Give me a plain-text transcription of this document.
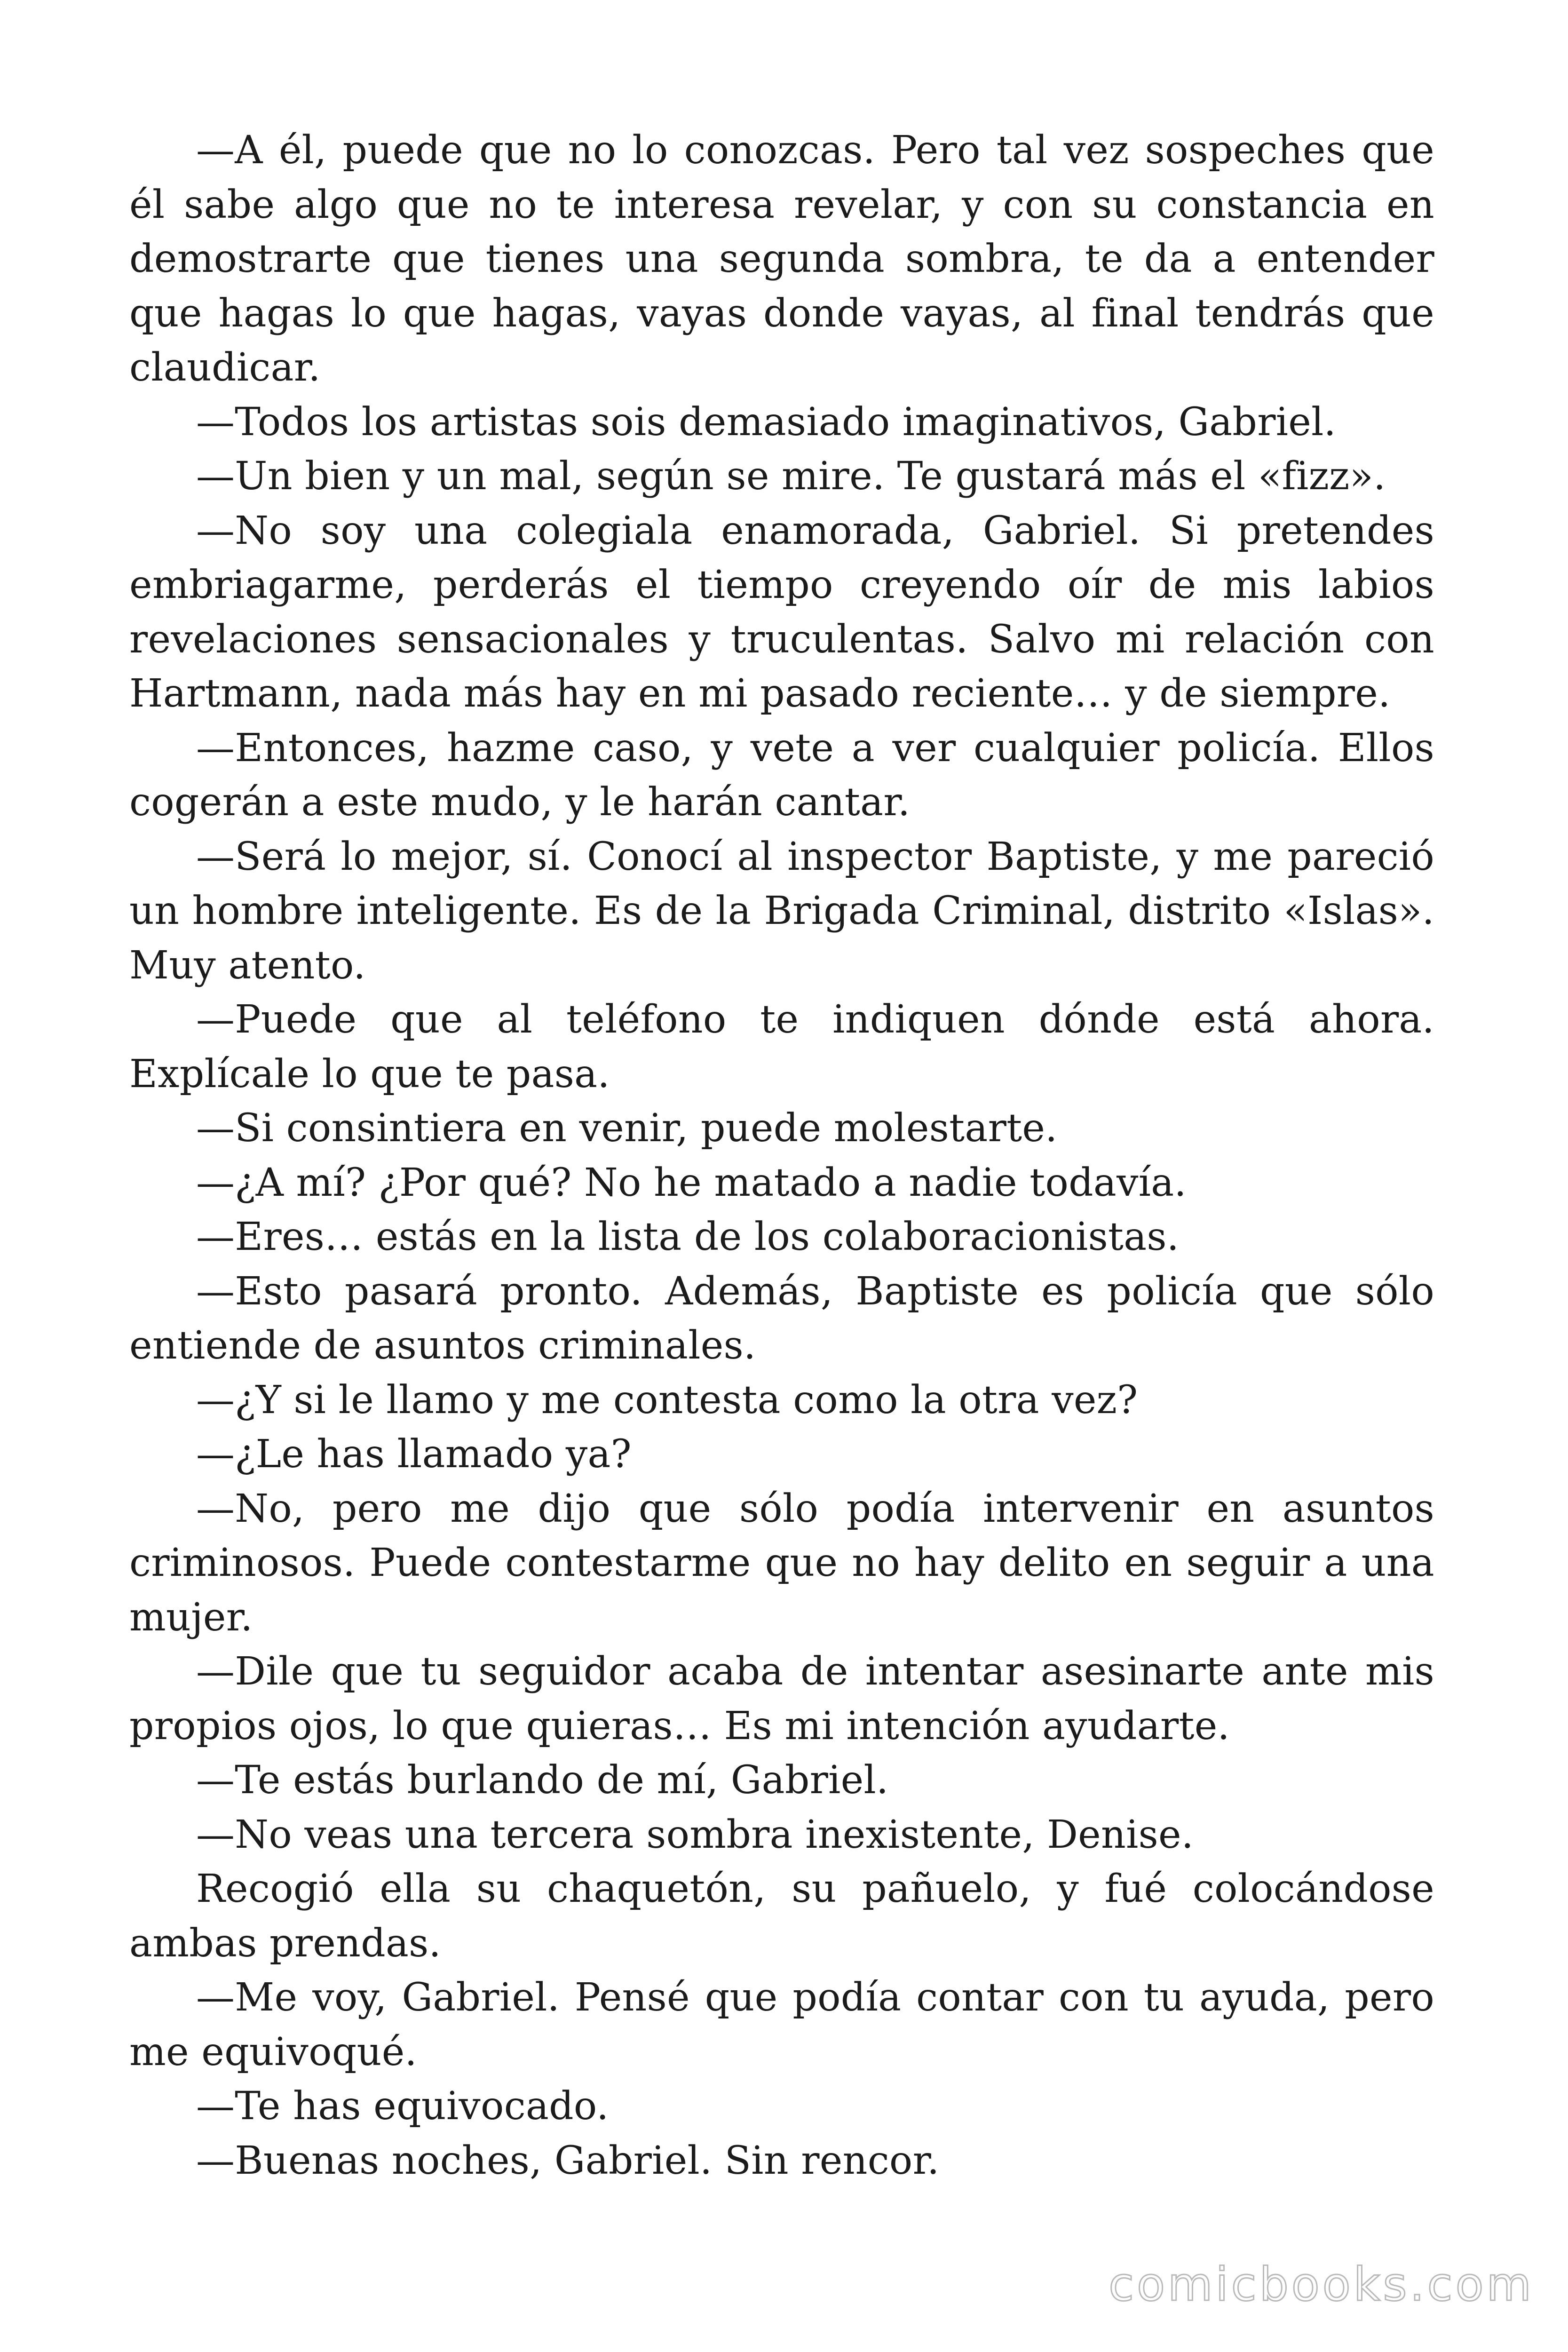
—A él, puede que no lo conozcas. Pero tal vez sospeches que él sabe algo que no te interesa revelar, y con su constancia en demostrarte que tienes una segunda sombra, te da a entender que hagas lo que hagas, vayas donde vayas, al final tendrás que claudicar.

—Todos los artistas sois demasiado imaginativos, Gabriel.

—Un bien y un mal, según se mire. Te gustará más el «fizz».

—No soy una colegiala enamorada, Gabriel. Si pretendes embriagarme, perderás el tiempo creyendo oír de mis labios revelaciones sensacionales y truculentas. Salvo mi relación con Hartmann, nada más hay en mi pasado reciente… y de siempre.

—Entonces, hazme caso, y vete a ver cualquier policía. Ellos cogerán a este mudo, y le harán cantar.

—Será lo mejor, sí. Conocí al inspector Baptiste, y me pareció un hombre inteligente. Es de la Brigada Criminal, distrito «Islas». Muy atento.

—Puede que al teléfono te indiquen dónde está ahora. Explícale lo que te pasa.

—Si consintiera en venir, puede molestarte.

—¿A mí? ¿Por qué? No he matado a nadie todavía.

—Eres… estás en la lista de los colaboracionistas.

—Esto pasará pronto. Además, Baptiste es policía que sólo entiende de asuntos criminales.

—¿Y si le llamo y me contesta como la otra vez?

—¿Le has llamado ya?

—No, pero me dijo que sólo podía intervenir en asuntos criminosos. Puede contestarme que no hay delito en seguir a una mujer.

—Dile que tu seguidor acaba de intentar asesinarte ante mis propios ojos, lo que quieras… Es mi intención ayudarte.

—Te estás burlando de mí, Gabriel.

—No veas una tercera sombra inexistente, Denise.

Recogió ella su chaquetón, su pañuelo, y fué colocándose ambas prendas.

—Me voy, Gabriel. Pensé que podía contar con tu ayuda, pero me equivoqué.

—Te has equivocado.

—Buenas noches, Gabriel. Sin rencor.

comicbooks.com
